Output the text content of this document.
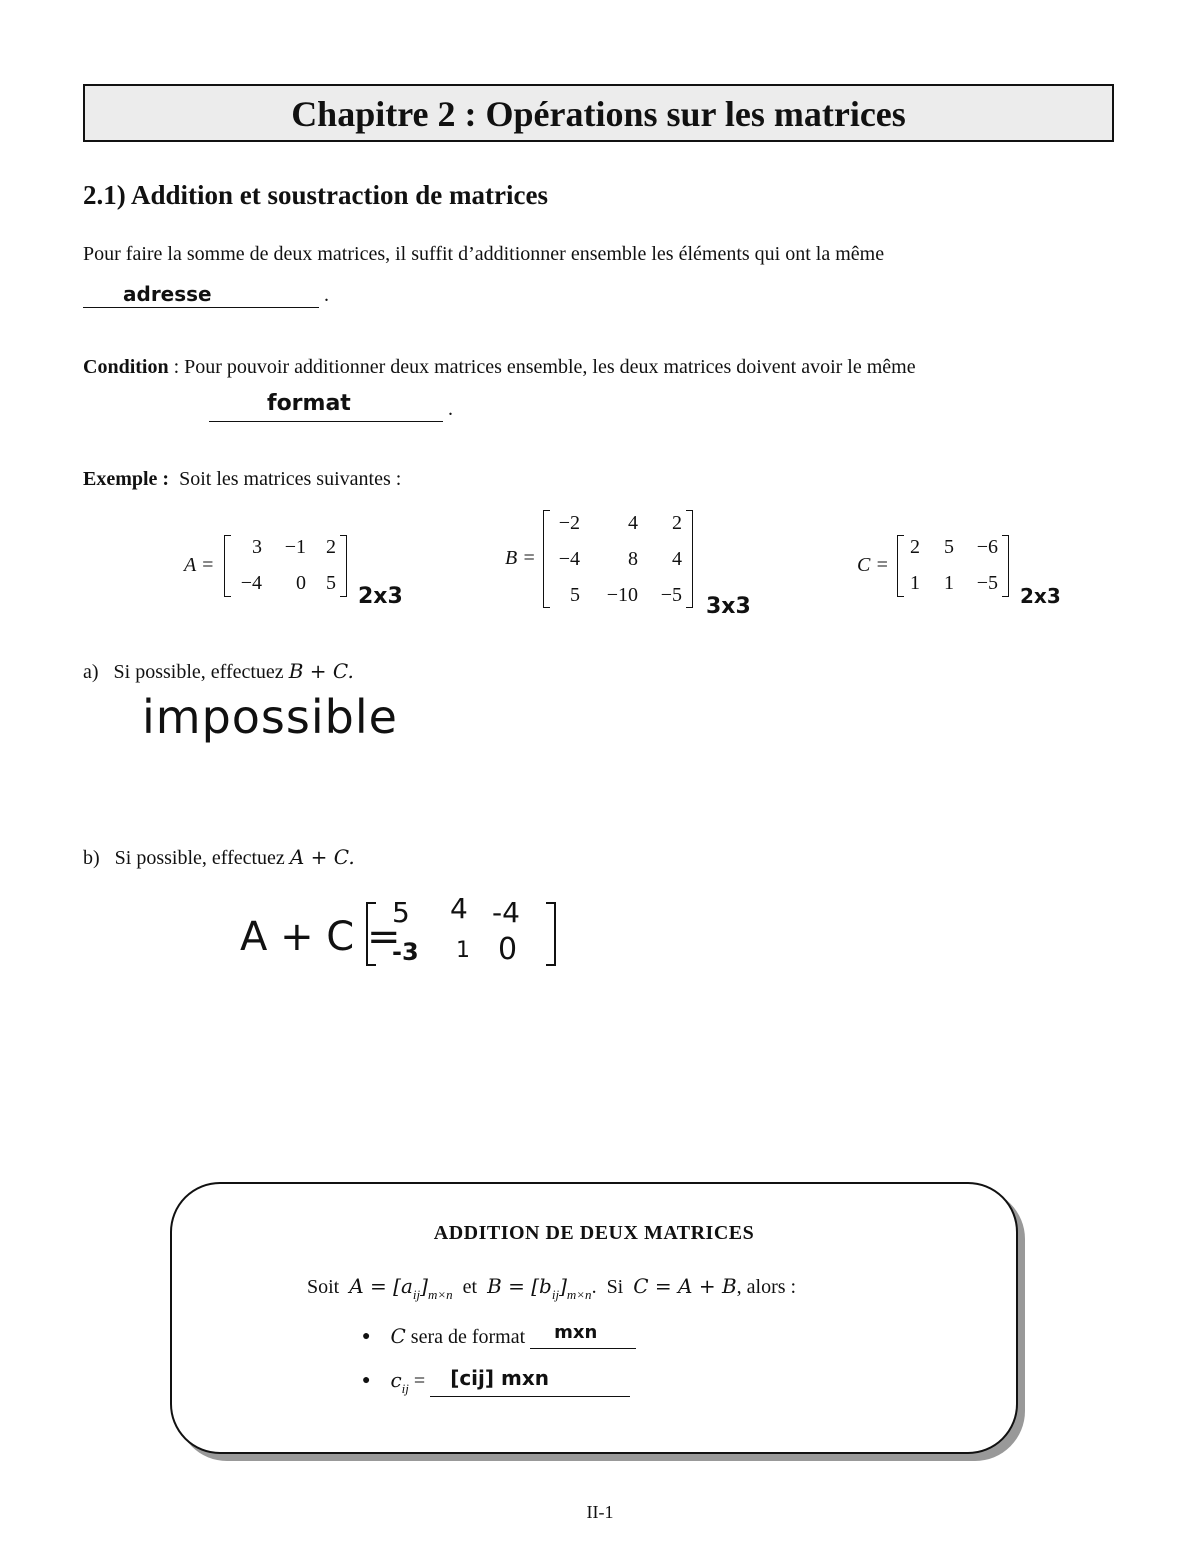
Chapitre 2 : Opérations sur les matrices
2.1) Addition et soustraction de matrices
Pour faire la somme de deux matrices, il suffit d’additionner ensemble les éléments qui ont la même
adresse	.
Condition : Pour pouvoir additionner deux matrices ensemble, les deux matrices doivent avoir le même
format	.
Exemple : Soit les matrices suivantes :
A =
3	−1	2
−4	0	5
2x3
B =
−2	4	2
−4	8	4
5	−10	−5 3x3
C =
2	5	−6
1	1	−5
2x3
a) Si possible, effectuez B + C.
impossible
b) Si possible, effectuez A + C.
A + C =
5 4 -4
-3 1 0
ADDITION DE DEUX MATRICES
Soit $A = [a_{ij}]_{m\times n}$ et $B = [b_{ij}]_{m\times n}$.  Si C = A + B, alors :
● C sera de format mxn
● $c_{ij} = [cij]$ mxn
II-1
